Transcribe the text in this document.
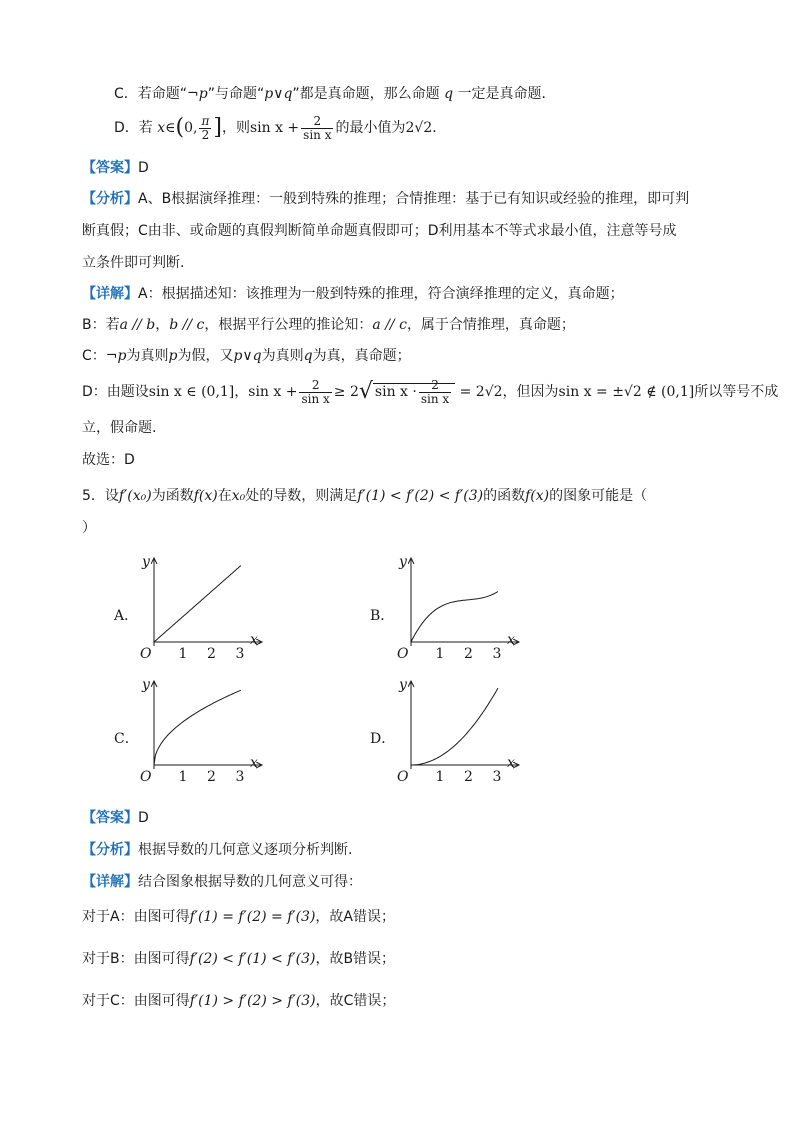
C．若命题“¬p”与命题“p∨q”都是真命题，那么命题 q 一定是真命题．
D．若 x∈(0, $\frac{\pi}{2}$ ]，则$\sin x + \frac{2}{\text{sin x}}$ 的最小值为2√2．
【答案】D
【分析】A、B根据演绎推理：一般到特殊的推理；合情推理：基于已有知识或经验的推理，即可判
断真假；C由非、或命题的真假判断简单命题真假即可；D利用基本不等式求最小值，注意等号成
立条件即可判断.
【详解】A：根据描述知：该推理为一般到特殊的推理，符合演绎推理的定义，真命题；
B：若a // b，b // c，根据平行公理的推论知：a // c，属于合情推理，真命题；
C：¬p为真则p为假，又p∨q为真则q为真，真命题；
D：由题设sin x ∈ (0,1]，$\sin x + \frac{2}{\text{sin x}} \ge 2√$ $\sin x \cdot \frac{2}{\text{sin x}} = 2√2$，但因为sin x = ±√2 ∉ (0,1]所以等号不成
立，假命题.
故选：D
5．设f′(x₀)为函数f(x)在x₀处的导数，则满足f′(1) < f′(2) < f′(3)的函数f(x)的图象可能是（
）
A．
y
x
O 1 2 3
B．
y
x
O 1 2 3
C．
y
x
O 1 2 3
D．
y
x
O 1 2 3
【答案】D
【分析】根据导数的几何意义逐项分析判断.
【详解】结合图象根据导数的几何意义可得：
对于A：由图可得f′(1) = f′(2) = f′(3)，故A错误；
对于B：由图可得f′(2) < f′(1) < f′(3)，故B错误；
对于C：由图可得f′(1) > f′(2) > f′(3)，故C错误；
